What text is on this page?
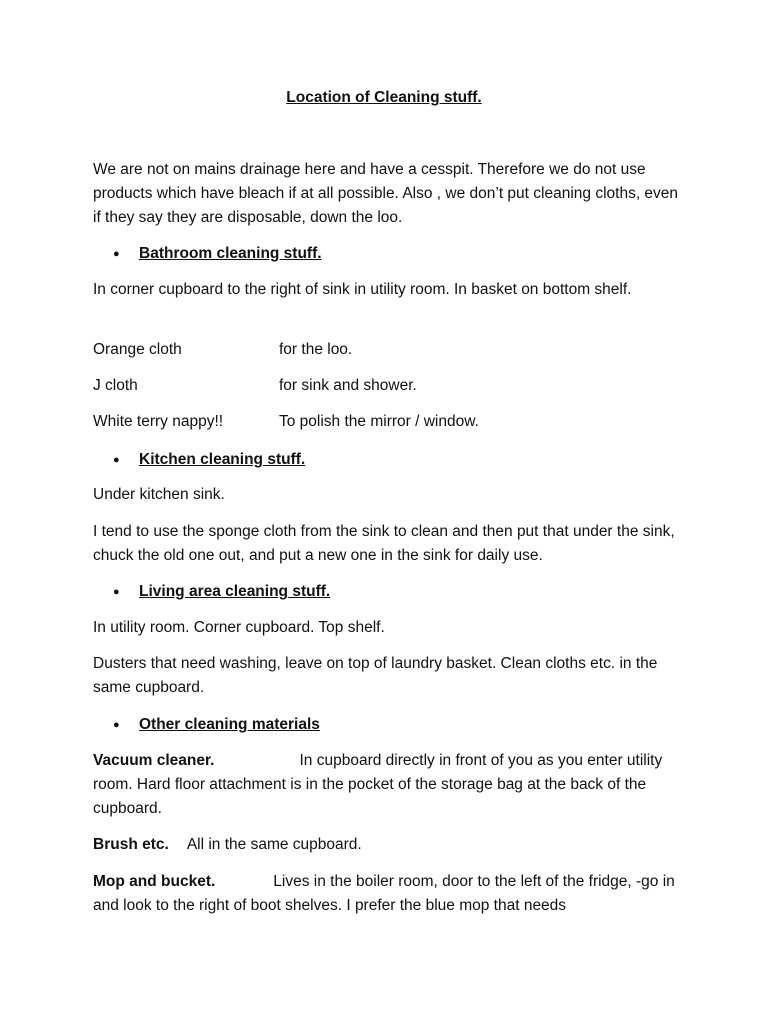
Location of Cleaning stuff.
We are not on mains drainage here and have a cesspit. Therefore we do not use products which have bleach if at all possible. Also , we don’t put cleaning cloths, even if they say they are disposable, down the loo.
● Bathroom cleaning stuff.
In corner cupboard to the right of sink in utility room. In basket on bottom shelf.
Orange cloth	for the loo.
J cloth	for sink and shower.
White terry nappy!!	To polish the mirror / window.
● Kitchen cleaning stuff.
Under kitchen sink.
I tend to use the sponge cloth from the sink to clean and then put that under the sink, chuck the old one out, and put a new one in the sink for daily use.
● Living area cleaning stuff.
In utility room. Corner cupboard. Top shelf.
Dusters that need washing, leave on top of laundry basket. Clean cloths etc. in the same cupboard.
● Other cleaning materials
Vacuum cleaner.	In cupboard directly in front of you as you enter utility room. Hard floor attachment is in the pocket of the storage bag at the back of the cupboard.
Brush etc. All in the same cupboard.
Mop and bucket.	Lives in the boiler room, door to the left of the fridge, -go in and look to the right of boot shelves. I prefer the blue mop that needs
